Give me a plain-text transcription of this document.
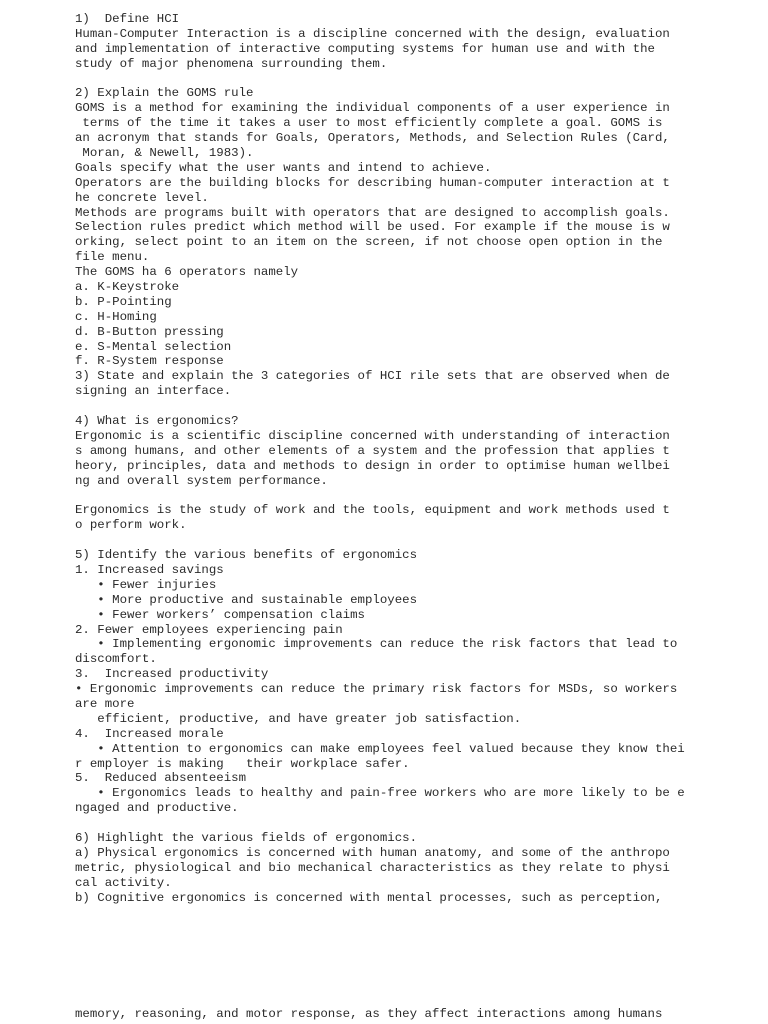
1)  Define HCI
Human-Computer Interaction is a discipline concerned with the design, evaluation
and implementation of interactive computing systems for human use and with the
study of major phenomena surrounding them.

2) Explain the GOMS rule
GOMS is a method for examining the individual components of a user experience in
terms of the time it takes a user to most efficiently complete a goal. GOMS is
an acronym that stands for Goals, Operators, Methods, and Selection Rules (Card,
Moran, & Newell, 1983).
Goals specify what the user wants and intend to achieve.
Operators are the building blocks for describing human-computer interaction at t
he concrete level.
Methods are programs built with operators that are designed to accomplish goals.
Selection rules predict which method will be used. For example if the mouse is w
orking, select point to an item on the screen, if not choose open option in the
file menu.
The GOMS ha 6 operators namely
a. K-Keystroke
b. P-Pointing
c. H-Homing
d. B-Button pressing
e. S-Mental selection
f. R-System response
3) State and explain the 3 categories of HCI rile sets that are observed when de
signing an interface.

4) What is ergonomics?
Ergonomic is a scientific discipline concerned with understanding of interaction
s among humans, and other elements of a system and the profession that applies t
heory, principles, data and methods to design in order to optimise human wellbei
ng and overall system performance.

Ergonomics is the study of work and the tools, equipment and work methods used t
o perform work.

5) Identify the various benefits of ergonomics
1. Increased savings
• Fewer injuries
• More productive and sustainable employees
• Fewer workers’ compensation claims
2. Fewer employees experiencing pain
• Implementing ergonomic improvements can reduce the risk factors that lead to
discomfort.
3.  Increased productivity
• Ergonomic improvements can reduce the primary risk factors for MSDs, so workers
are more
efficient, productive, and have greater job satisfaction.
4.  Increased morale
• Attention to ergonomics can make employees feel valued because they know thei
r employer is making   their workplace safer.
5.  Reduced absenteeism
• Ergonomics leads to healthy and pain-free workers who are more likely to be e
ngaged and productive.

6) Highlight the various fields of ergonomics.
a) Physical ergonomics is concerned with human anatomy, and some of the anthropo
metric, physiological and bio mechanical characteristics as they relate to physi
cal activity.
b) Cognitive ergonomics is concerned with mental processes, such as perception,
memory, reasoning, and motor response, as they affect interactions among humans
